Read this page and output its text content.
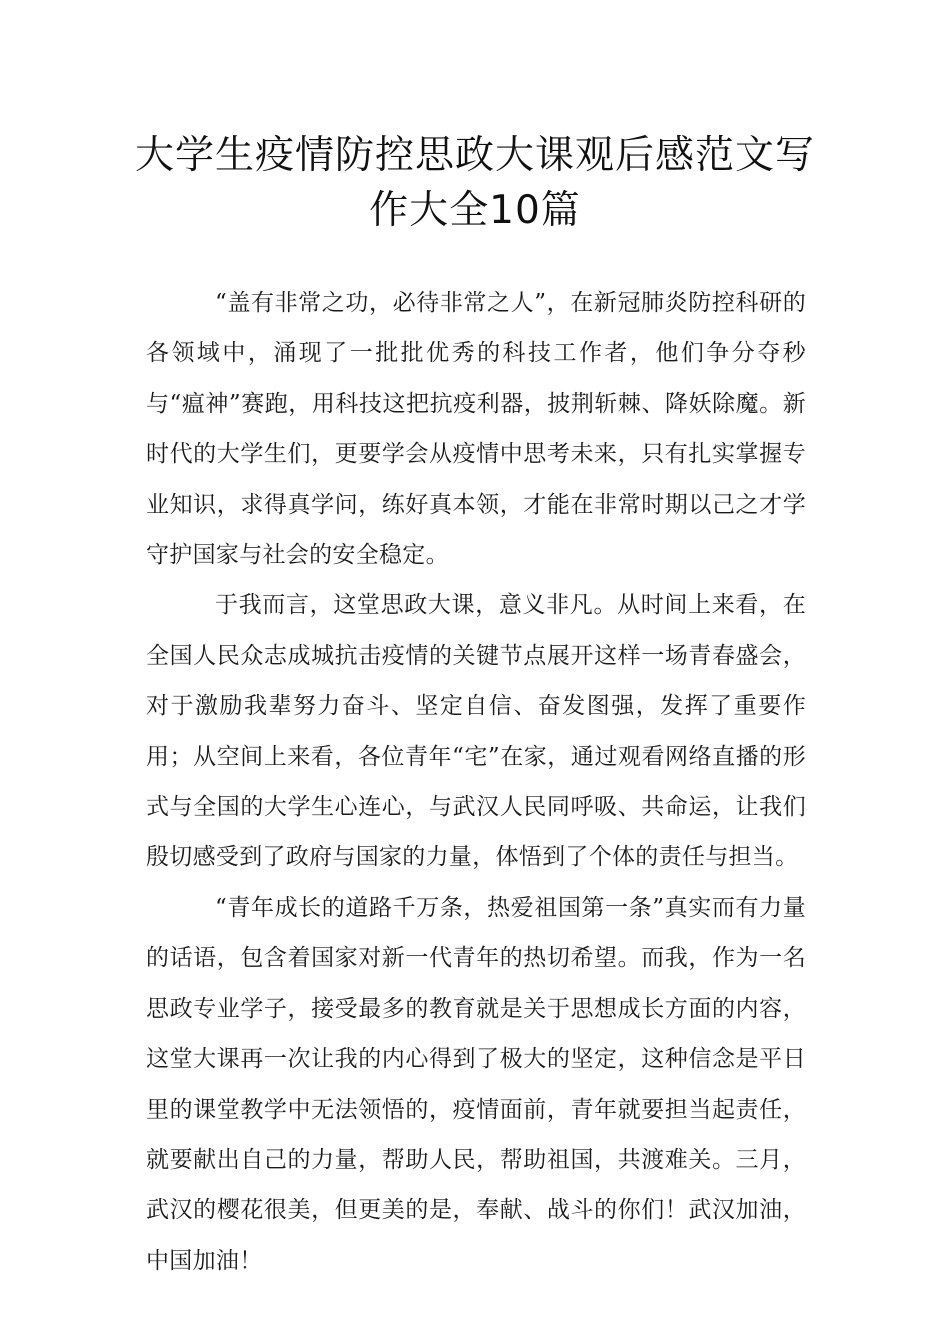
大学生疫情防控思政大课观后感范文写
作大全10篇

“盖有非常之功，必待非常之人”，在新冠肺炎防控科研的各领域中，涌现了一批批优秀的科技工作者，他们争分夺秒与“瘟神”赛跑，用科技这把抗疫利器，披荆斩棘、降妖除魔。新时代的大学生们，更要学会从疫情中思考未来，只有扎实掌握专业知识，求得真学问，练好真本领，才能在非常时期以己之才学守护国家与社会的安全稳定。

于我而言，这堂思政大课，意义非凡。从时间上来看，在全国人民众志成城抗击疫情的关键节点展开这样一场青春盛会，对于激励我辈努力奋斗、坚定自信、奋发图强，发挥了重要作用；从空间上来看，各位青年“宅”在家，通过观看网络直播的形式与全国的大学生心连心，与武汉人民同呼吸、共命运，让我们殷切感受到了政府与国家的力量，体悟到了个体的责任与担当。

“青年成长的道路千万条，热爱祖国第一条”真实而有力量的话语，包含着国家对新一代青年的热切希望。而我，作为一名思政专业学子，接受最多的教育就是关于思想成长方面的内容，这堂大课再一次让我的内心得到了极大的坚定，这种信念是平日里的课堂教学中无法领悟的，疫情面前，青年就要担当起责任，就要献出自己的力量，帮助人民，帮助祖国，共渡难关。三月，武汉的樱花很美，但更美的是，奉献、战斗的你们！武汉加油，中国加油！
